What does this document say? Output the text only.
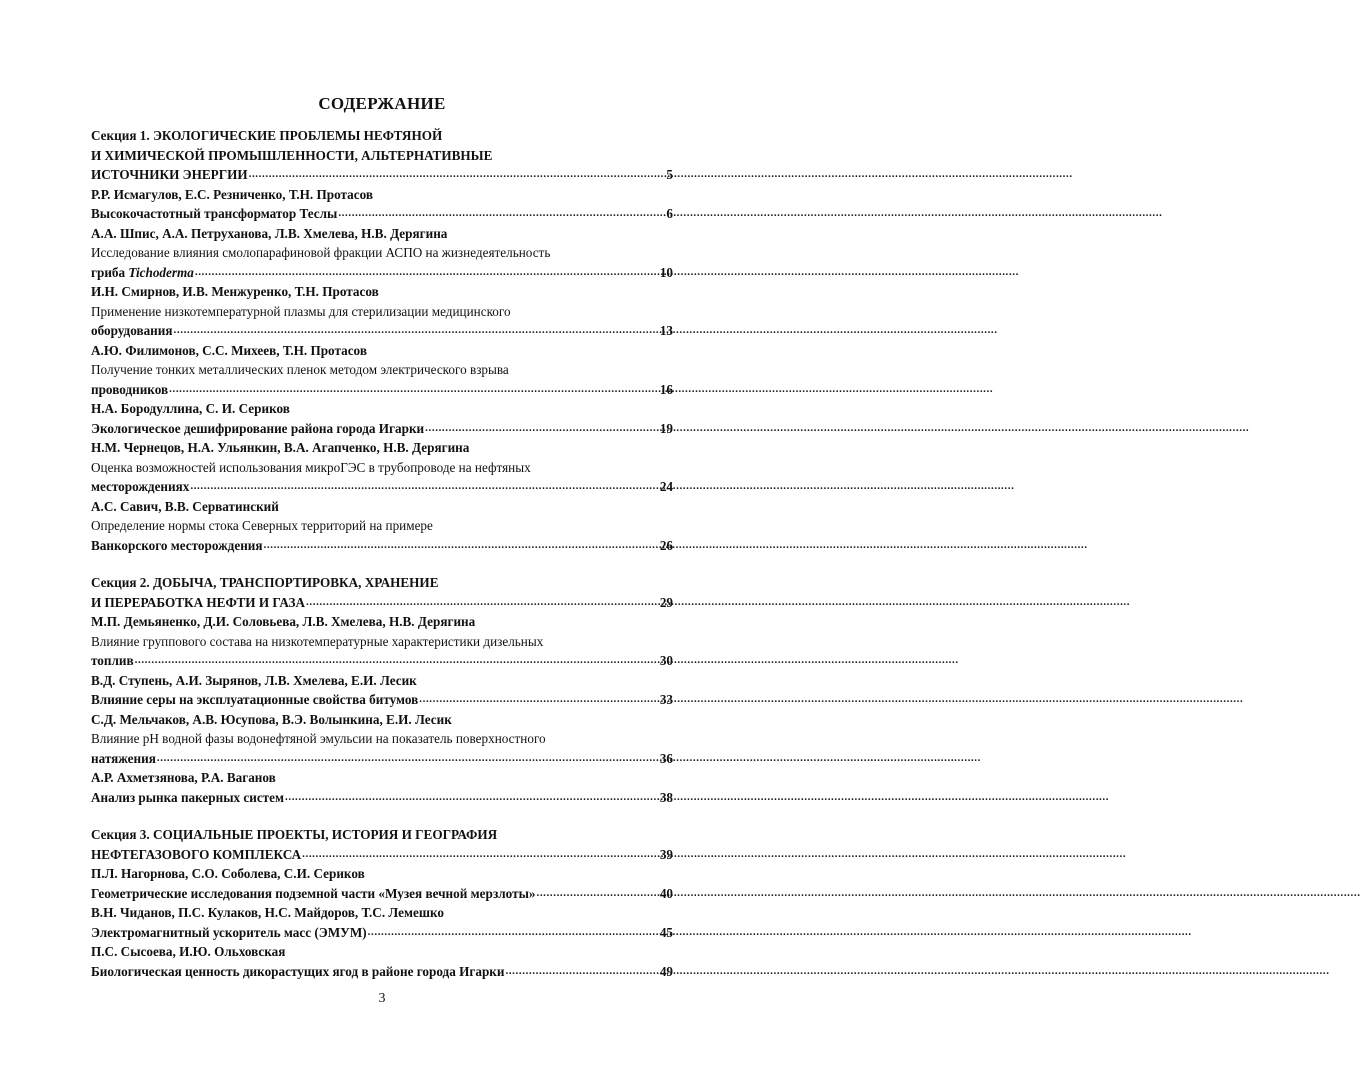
СОДЕРЖАНИЕ
Секция 1. ЭКОЛОГИЧЕСКИЕ ПРОБЛЕМЫ НЕФТЯНОЙ
И ХИМИЧЕСКОЙ ПРОМЫШЛЕННОСТИ, АЛЬТЕРНАТИВНЫЕ
ИСТОЧНИКИ ЭНЕРГИИ .....	5
Р.Р. Исмагулов, Е.С. Резниченко, Т.Н. Протасов
Высокочастотный трансформатор Теслы .....	6
А.А. Шпис, А.А. Петруханова, Л.В. Хмелева, Н.В. Дерягина
Исследование влияния смолопарафиновой фракции АСПО на жизнедеятельность
гриба Tichoderma .....	10
И.Н. Смирнов, И.В. Менжуренко, Т.Н. Протасов
Применение низкотемпературной плазмы для стерилизации медицинского
оборудования .....	13
А.Ю. Филимонов, С.С. Михеев, Т.Н. Протасов
Получение тонких металлических пленок методом электрического взрыва
проводников .....	16
Н.А. Бородуллина, С. И. Сериков
Экологическое дешифрирование района города Игарки .....	19
Н.М. Чернецов, Н.А. Ульянкин, В.А. Агапченко, Н.В. Дерягина
Оценка возможностей использования микроГЭС в трубопроводе на нефтяных
месторождениях .....	24
А.С. Савич, В.В. Серватинский
Определение нормы стока Северных территорий на примере
Ванкорского месторождения .....	26
Секция 2. ДОБЫЧА, ТРАНСПОРТИРОВКА, ХРАНЕНИЕ
И ПЕРЕРАБОТКА НЕФТИ И ГАЗА .....	29
М.П. Демьяненко, Д.И. Соловьева, Л.В. Хмелева, Н.В. Дерягина
Влияние группового состава на низкотемпературные характеристики дизельных
топлив .....	30
В.Д. Ступень, А.И. Зырянов, Л.В. Хмелева, Е.И. Лесик
Влияние серы на эксплуатационные свойства битумов .....	33
С.Д. Мельчаков, А.В. Юсупова, В.Э. Волынкина, Е.И. Лесик
Влияние pH водной фазы водонефтяной эмульсии на показатель поверхностного
натяжения .....	36
А.Р. Ахметзянова, Р.А. Ваганов
Анализ рынка пакерных систем .....	38
Секция 3. СОЦИАЛЬНЫЕ ПРОЕКТЫ, ИСТОРИЯ И ГЕОГРАФИЯ
НЕФТЕГАЗОВОГО КОМПЛЕКСА .....	39
П.Л. Нагорнова, С.О. Соболева, С.И. Сериков
Геометрические исследования подземной части «Музея вечной мерзлоты» .....	40
В.Н. Чиданов, П.С. Кулаков, Н.С. Майдоров, Т.С. Лемешко
Электромагнитный ускоритель масс (ЭМУМ) .....	45
П.С. Сысоева, И.Ю. Ольховская
Биологическая ценность дикорастущих ягод в районе города Игарки .....	49
3
